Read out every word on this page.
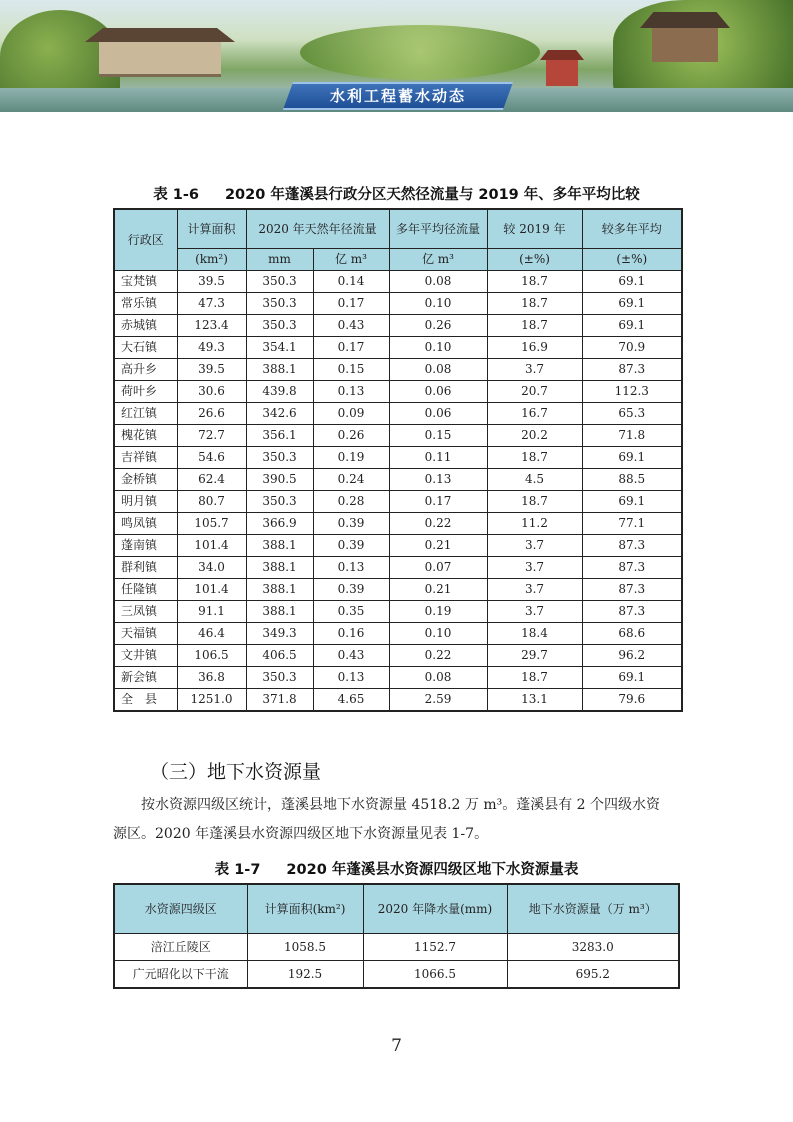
水利工程蓄水动态
表 1-6 2020 年蓬溪县行政分区天然径流量与 2019 年、多年平均比较
行政区	计算面积	2020 年天然年径流量		多年平均径流量	较 2019 年	较多年平均
	(km²)	mm	亿 m³	亿 m³	(±%)	(±%)
宝梵镇	39.5	350.3	0.14	0.08	18.7	69.1
常乐镇	47.3	350.3	0.17	0.10	18.7	69.1
赤城镇	123.4	350.3	0.43	0.26	18.7	69.1
大石镇	49.3	354.1	0.17	0.10	16.9	70.9
高升乡	39.5	388.1	0.15	0.08	3.7	87.3
荷叶乡	30.6	439.8	0.13	0.06	20.7	112.3
红江镇	26.6	342.6	0.09	0.06	16.7	65.3
槐花镇	72.7	356.1	0.26	0.15	20.2	71.8
吉祥镇	54.6	350.3	0.19	0.11	18.7	69.1
金桥镇	62.4	390.5	0.24	0.13	4.5	88.5
明月镇	80.7	350.3	0.28	0.17	18.7	69.1
鸣凤镇	105.7	366.9	0.39	0.22	11.2	77.1
蓬南镇	101.4	388.1	0.39	0.21	3.7	87.3
群利镇	34.0	388.1	0.13	0.07	3.7	87.3
任隆镇	101.4	388.1	0.39	0.21	3.7	87.3
三凤镇	91.1	388.1	0.35	0.19	3.7	87.3
天福镇	46.4	349.3	0.16	0.10	18.4	68.6
文井镇	106.5	406.5	0.43	0.22	29.7	96.2
新会镇	36.8	350.3	0.13	0.08	18.7	69.1
全　县	1251.0	371.8	4.65	2.59	13.1	79.6
（三）地下水资源量
按水资源四级区统计，蓬溪县地下水资源量 4518.2 万 m³。蓬溪县有 2 个四级水资
源区。2020 年蓬溪县水资源四级区地下水资源量见表 1-7。
表 1-7 2020 年蓬溪县水资源四级区地下水资源量表
水资源四级区	计算面积(km²)	2020 年降水量(mm)	地下水资源量（万 m³）
涪江丘陵区	1058.5	1152.7	3283.0
广元昭化以下干流	192.5	1066.5	695.2
7
